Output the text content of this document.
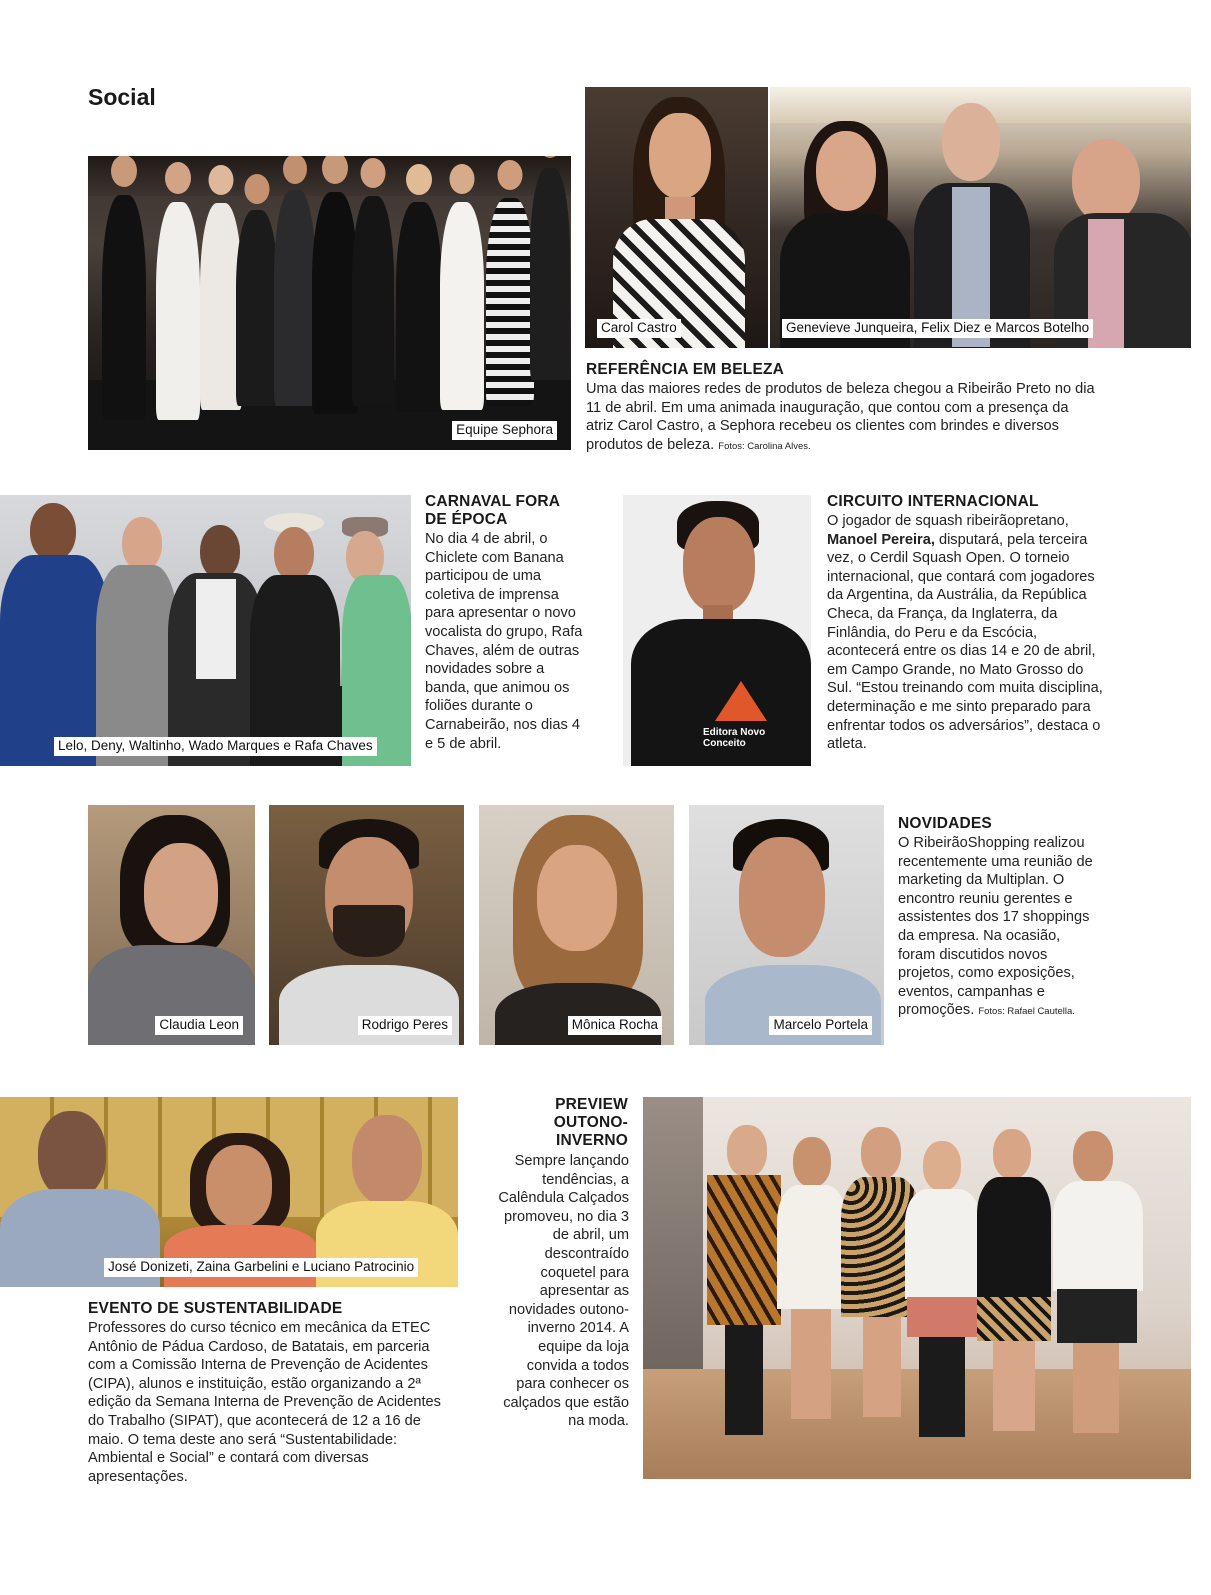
Social
Equipe Sephora
Carol Castro	Genevieve Junqueira, Felix Diez e Marcos Botelho
REFERÊNCIA EM BELEZA
Uma das maiores redes de produtos de beleza chegou a Ribeirão Preto no dia 11 de abril. Em uma animada inauguração, que contou com a presença da atriz Carol Castro, a Sephora recebeu os clientes com brindes e diversos produtos de beleza. Fotos: Carolina Alves.
Lelo, Deny, Waltinho, Wado Marques e Rafa Chaves
CARNAVAL FORA
DE ÉPOCA
No dia 4 de abril, o Chiclete com Banana participou de uma coletiva de imprensa para apresentar o novo vocalista do grupo, Rafa Chaves, além de outras novidades sobre a banda, que animou os foliões durante o Carnabeirão, nos dias 4 e 5 de abril.
Editora Novo Conceito
CIRCUITO INTERNACIONAL
O jogador de squash ribeirãopretano, Manoel Pereira, disputará, pela terceira vez, o Cerdil Squash Open. O torneio internacional, que contará com jogadores da Argentina, da Austrália, da República Checa, da França, da Inglaterra, da Finlândia, do Peru e da Escócia, acontecerá entre os dias 14 e 20 de abril, em Campo Grande, no Mato Grosso do Sul. “Estou treinando com muita disciplina, determinação e me sinto preparado para enfrentar todos os adversários”, destaca o atleta.
Claudia Leon	Rodrigo Peres	Mônica Rocha	Marcelo Portela
NOVIDADES
O RibeirãoShopping realizou recentemente uma reunião de marketing da Multiplan. O encontro reuniu gerentes e assistentes dos 17 shoppings da empresa. Na ocasião, foram discutidos novos projetos, como exposições, eventos, campanhas e promoções. Fotos: Rafael Cautella.
José Donizeti, Zaina Garbelini e Luciano Patrocinio
EVENTO DE SUSTENTABILIDADE
Professores do curso técnico em mecânica da ETEC Antônio de Pádua Cardoso, de Batatais, em parceria com a Comissão Interna de Prevenção de Acidentes (CIPA), alunos e instituição, estão organizando a 2ª edição da Semana Interna de Prevenção de Acidentes do Trabalho (SIPAT), que acontecerá de 12 a 16 de maio. O tema deste ano será “Sustentabilidade: Ambiental e Social” e contará com diversas apresentações.
PREVIEW
OUTONO-
INVERNO
Sempre lançando tendências, a Calêndula Calçados promoveu, no dia 3 de abril, um descontraído coquetel para apresentar as novidades outono-inverno 2014. A equipe da loja convida a todos para conhecer os calçados que estão na moda.
